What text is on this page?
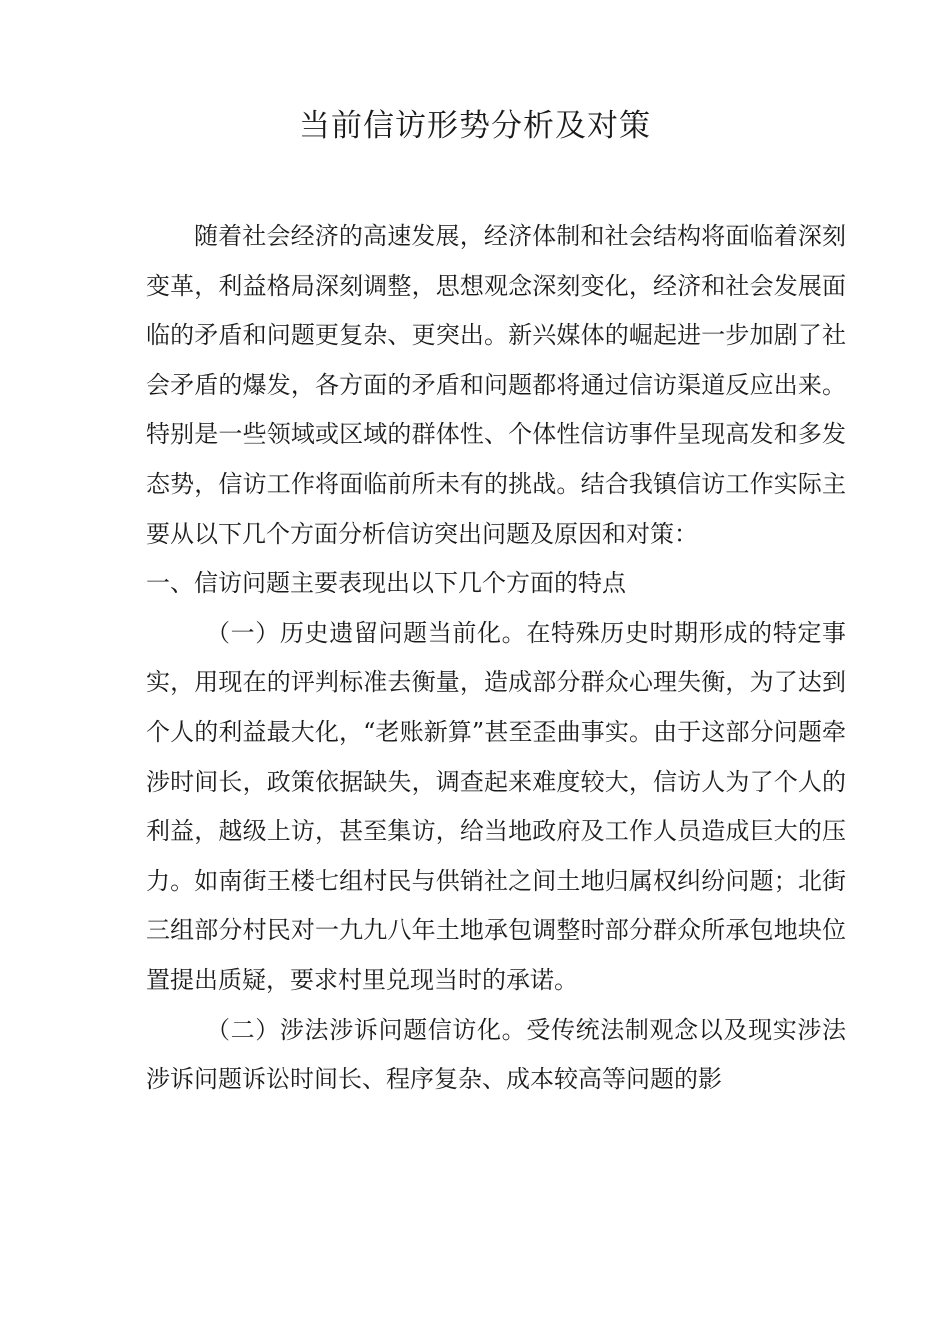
当前信访形势分析及对策

随着社会经济的高速发展，经济体制和社会结构将面临着深刻变革，利益格局深刻调整，思想观念深刻变化，经济和社会发展面临的矛盾和问题更复杂、更突出。新兴媒体的崛起进一步加剧了社会矛盾的爆发，各方面的矛盾和问题都将通过信访渠道反应出来。特别是一些领域或区域的群体性、个体性信访事件呈现高发和多发态势，信访工作将面临前所未有的挑战。结合我镇信访工作实际主要从以下几个方面分析信访突出问题及原因和对策：

一、信访问题主要表现出以下几个方面的特点

（一）历史遗留问题当前化。在特殊历史时期形成的特定事实，用现在的评判标准去衡量，造成部分群众心理失衡，为了达到个人的利益最大化，“老账新算”甚至歪曲事实。由于这部分问题牵涉时间长，政策依据缺失，调查起来难度较大，信访人为了个人的利益，越级上访，甚至集访，给当地政府及工作人员造成巨大的压力。如南街王楼七组村民与供销社之间土地归属权纠纷问题；北街三组部分村民对一九九八年土地承包调整时部分群众所承包地块位置提出质疑，要求村里兑现当时的承诺。

（二）涉法涉诉问题信访化。受传统法制观念以及现实涉法涉诉问题诉讼时间长、程序复杂、成本较高等问题的影
